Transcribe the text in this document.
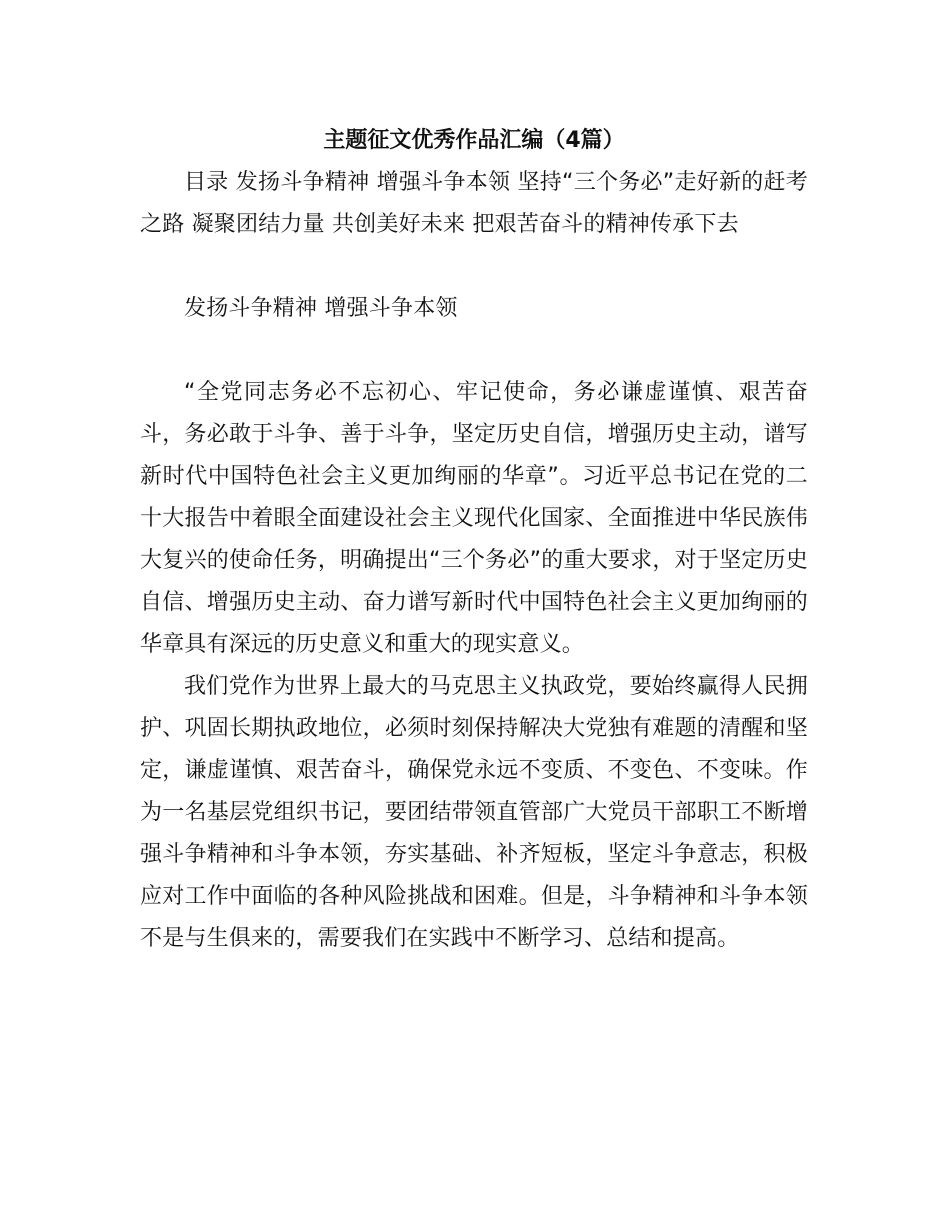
主题征文优秀作品汇编（4篇）

目录 发扬斗争精神 增强斗争本领 坚持“三个务必”走好新的赶考之路 凝聚团结力量 共创美好未来 把艰苦奋斗的精神传承下去

发扬斗争精神 增强斗争本领

“全党同志务必不忘初心、牢记使命，务必谦虚谨慎、艰苦奋斗，务必敢于斗争、善于斗争，坚定历史自信，增强历史主动，谱写新时代中国特色社会主义更加绚丽的华章”。习近平总书记在党的二十大报告中着眼全面建设社会主义现代化国家、全面推进中华民族伟大复兴的使命任务，明确提出“三个务必”的重大要求，对于坚定历史自信、增强历史主动、奋力谱写新时代中国特色社会主义更加绚丽的华章具有深远的历史意义和重大的现实意义。

我们党作为世界上最大的马克思主义执政党，要始终赢得人民拥护、巩固长期执政地位，必须时刻保持解决大党独有难题的清醒和坚定，谦虚谨慎、艰苦奋斗，确保党永远不变质、不变色、不变味。作为一名基层党组织书记，要团结带领直管部广大党员干部职工不断增强斗争精神和斗争本领，夯实基础、补齐短板，坚定斗争意志，积极应对工作中面临的各种风险挑战和困难。但是，斗争精神和斗争本领不是与生俱来的，需要我们在实践中不断学习、总结和提高。
